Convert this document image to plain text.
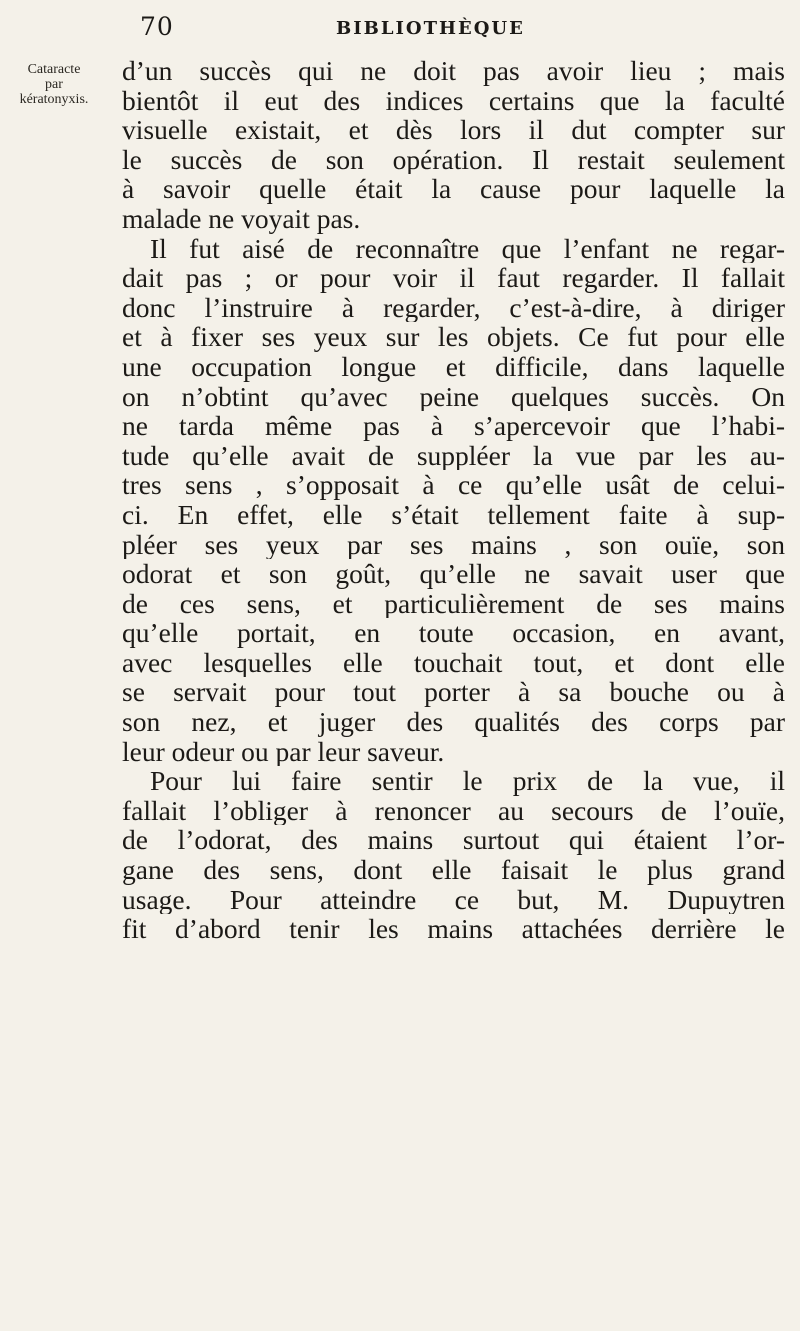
70	BIBLIOTHÈQUE
Cataracte
par
kératonyxis.
d’un succès qui ne doit pas avoir lieu ; mais
bientôt il eut des indices certains que la faculté
visuelle existait, et dès lors il dut compter sur
le succès de son opération. Il restait seulement
à savoir quelle était la cause pour laquelle la
malade ne voyait pas.
Il fut aisé de reconnaître que l’enfant ne regar-
dait pas ; or pour voir il faut regarder. Il fallait
donc l’instruire à regarder, c’est-à-dire, à diriger
et à fixer ses yeux sur les objets. Ce fut pour elle
une occupation longue et difficile, dans laquelle
on n’obtint qu’avec peine quelques succès. On
ne tarda même pas à s’apercevoir que l’habi-
tude qu’elle avait de suppléer la vue par les au-
tres sens , s’opposait à ce qu’elle usât de celui-
ci. En effet, elle s’était tellement faite à sup-
pléer ses yeux par ses mains , son ouïe, son
odorat et son goût, qu’elle ne savait user que
de ces sens, et particulièrement de ses mains
qu’elle portait, en toute occasion, en avant,
avec lesquelles elle touchait tout, et dont elle
se servait pour tout porter à sa bouche ou à
son nez, et juger des qualités des corps par
leur odeur ou par leur saveur.
Pour lui faire sentir le prix de la vue, il
fallait l’obliger à renoncer au secours de l’ouïe,
de l’odorat, des mains surtout qui étaient l’or-
gane des sens, dont elle faisait le plus grand
usage. Pour atteindre ce but, M. Dupuytren
fit d’abord tenir les mains attachées derrière le
